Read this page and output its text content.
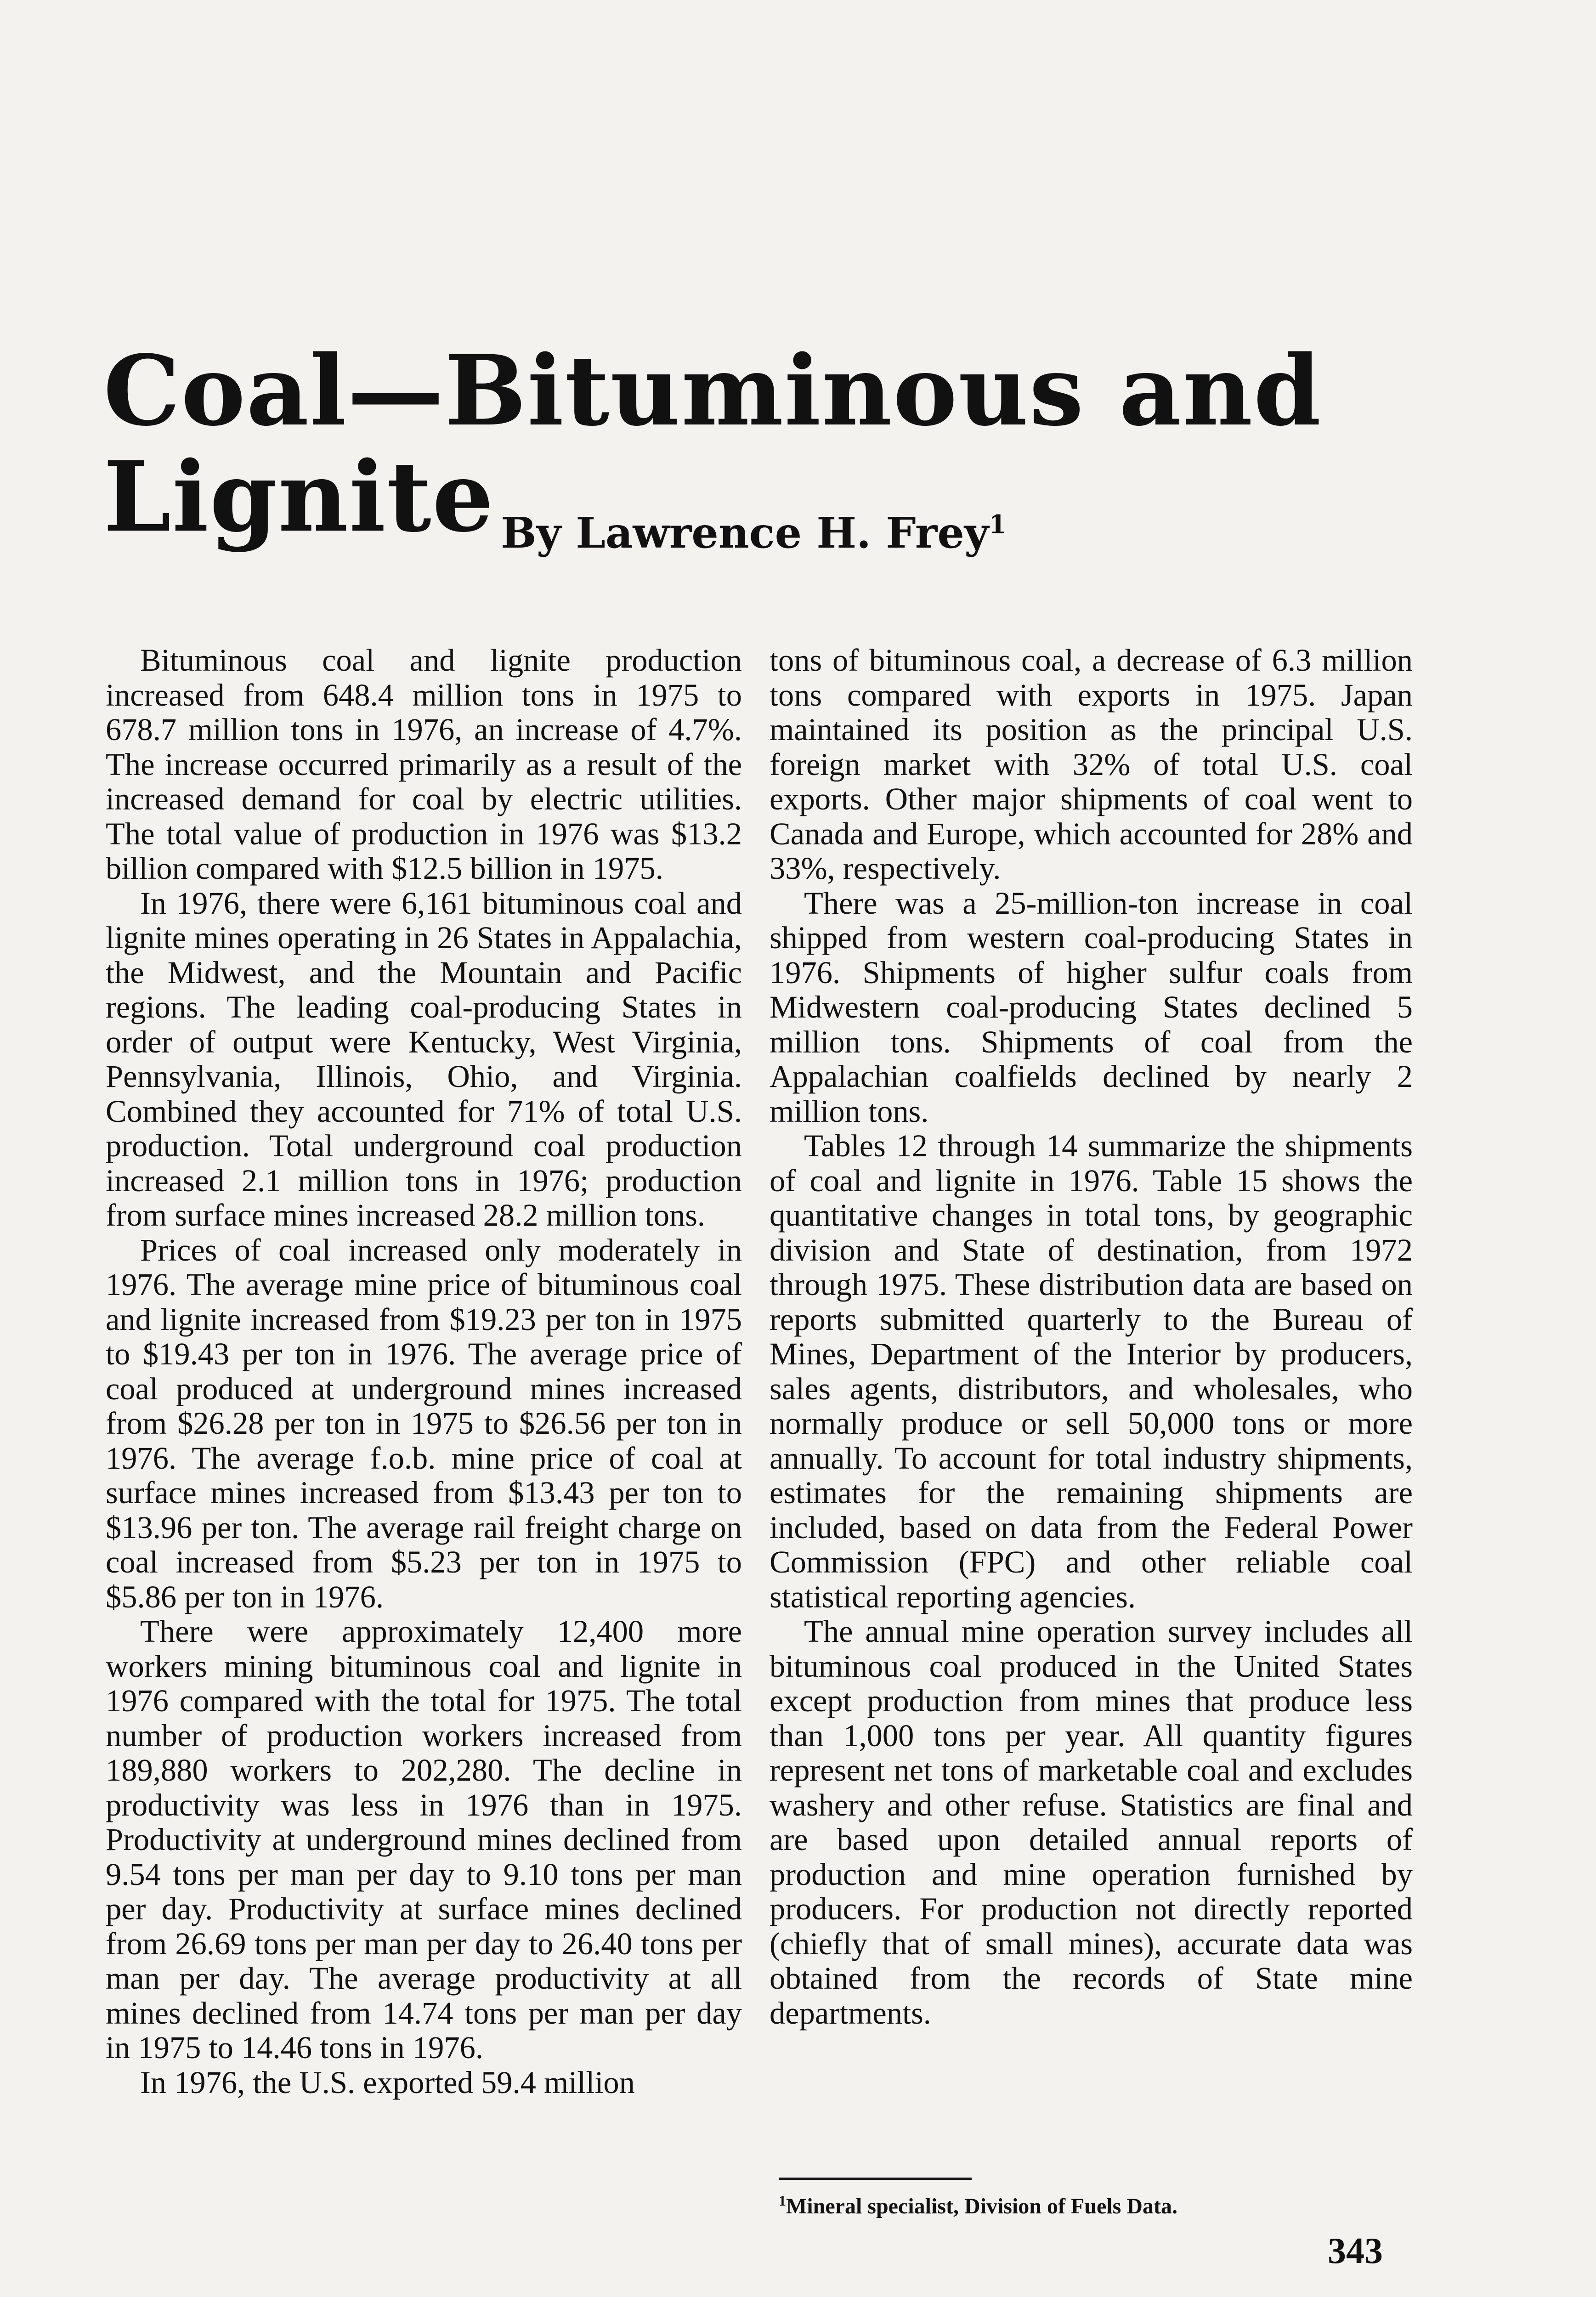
Coal—Bituminous and Lignite By Lawrence H. Frey$^1$

Bituminous coal and lignite production increased from 648.4 million tons in 1975 to 678.7 million tons in 1976, an increase of 4.7%. The increase occurred primarily as a result of the increased demand for coal by electric utilities. The total value of production in 1976 was $13.2 billion compared with $12.5 billion in 1975.

In 1976, there were 6,161 bituminous coal and lignite mines operating in 26 States in Appalachia, the Midwest, and the Mountain and Pacific regions. The leading coal-producing States in order of output were Kentucky, West Virginia, Pennsylvania, Illinois, Ohio, and Virginia. Combined they accounted for 71% of total U.S. production. Total underground coal production increased 2.1 million tons in 1976; production from surface mines increased 28.2 million tons.

Prices of coal increased only moderately in 1976. The average mine price of bituminous coal and lignite increased from $19.23 per ton in 1975 to $19.43 per ton in 1976. The average price of coal produced at underground mines increased from $26.28 per ton in 1975 to $26.56 per ton in 1976. The average f.o.b. mine price of coal at surface mines increased from $13.43 per ton to $13.96 per ton. The average rail freight charge on coal increased from $5.23 per ton in 1975 to $5.86 per ton in 1976.

There were approximately 12,400 more workers mining bituminous coal and lignite in 1976 compared with the total for 1975. The total number of production workers increased from 189,880 workers to 202,280. The decline in productivity was less in 1976 than in 1975. Productivity at underground mines declined from 9.54 tons per man per day to 9.10 tons per man per day. Productivity at surface mines declined from 26.69 tons per man per day to 26.40 tons per man per day. The average productivity at all mines declined from 14.74 tons per man per day in 1975 to 14.46 tons in 1976.

In 1976, the U.S. exported 59.4 million

tons of bituminous coal, a decrease of 6.3 million tons compared with exports in 1975. Japan maintained its position as the principal U.S. foreign market with 32% of total U.S. coal exports. Other major shipments of coal went to Canada and Europe, which accounted for 28% and 33%, respectively.

There was a 25-million-ton increase in coal shipped from western coal-producing States in 1976. Shipments of higher sulfur coals from Midwestern coal-producing States declined 5 million tons. Shipments of coal from the Appalachian coalfields declined by nearly 2 million tons.

Tables 12 through 14 summarize the shipments of coal and lignite in 1976. Table 15 shows the quantitative changes in total tons, by geographic division and State of destination, from 1972 through 1975. These distribution data are based on reports submitted quarterly to the Bureau of Mines, Department of the Interior by producers, sales agents, distributors, and wholesales, who normally produce or sell 50,000 tons or more annually. To account for total industry shipments, estimates for the remaining shipments are included, based on data from the Federal Power Commission (FPC) and other reliable coal statistical reporting agencies.

The annual mine operation survey includes all bituminous coal produced in the United States except production from mines that produce less than 1,000 tons per year. All quantity figures represent net tons of marketable coal and excludes washery and other refuse. Statistics are final and are based upon detailed annual reports of production and mine operation furnished by producers. For production not directly reported (chiefly that of small mines), accurate data was obtained from the records of State mine departments.

$^1$Mineral specialist, Division of Fuels Data.

343
